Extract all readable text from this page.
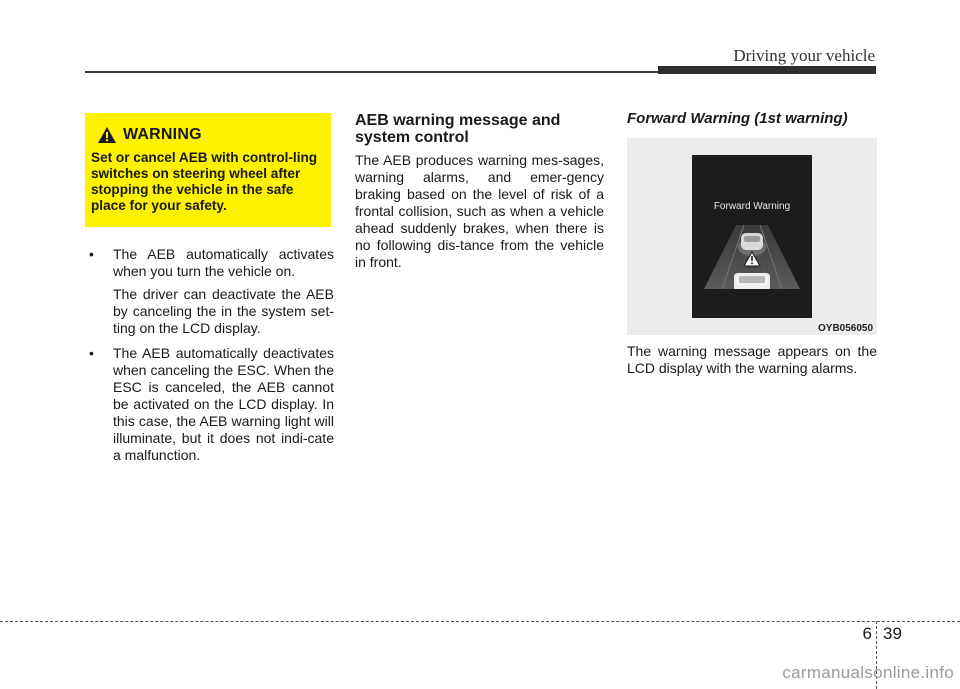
Driving your vehicle
WARNING
Set or cancel AEB with control-ling switches on steering wheel after stopping the vehicle in the safe place for your safety.

• The AEB automatically activates when you turn the vehicle on.

The driver can deactivate the AEB by canceling the in the system set-ting on the LCD display.

• The AEB automatically deactivates when canceling the ESC. When the ESC is canceled, the AEB cannot be activated on the LCD display. In this case, the AEB warning light will illuminate, but it does not indi-cate a malfunction.

AEB warning message and system control
The AEB produces warning mes-sages, warning alarms, and emer-gency braking based on the level of risk of a frontal collision, such as when a vehicle ahead suddenly brakes, when there is no following dis-tance from the vehicle in front.
Forward Warning (1st warning)
Forward Warning
OYB056050
The warning message appears on the LCD display with the warning alarms.
6 39
carmanualsonline.info
